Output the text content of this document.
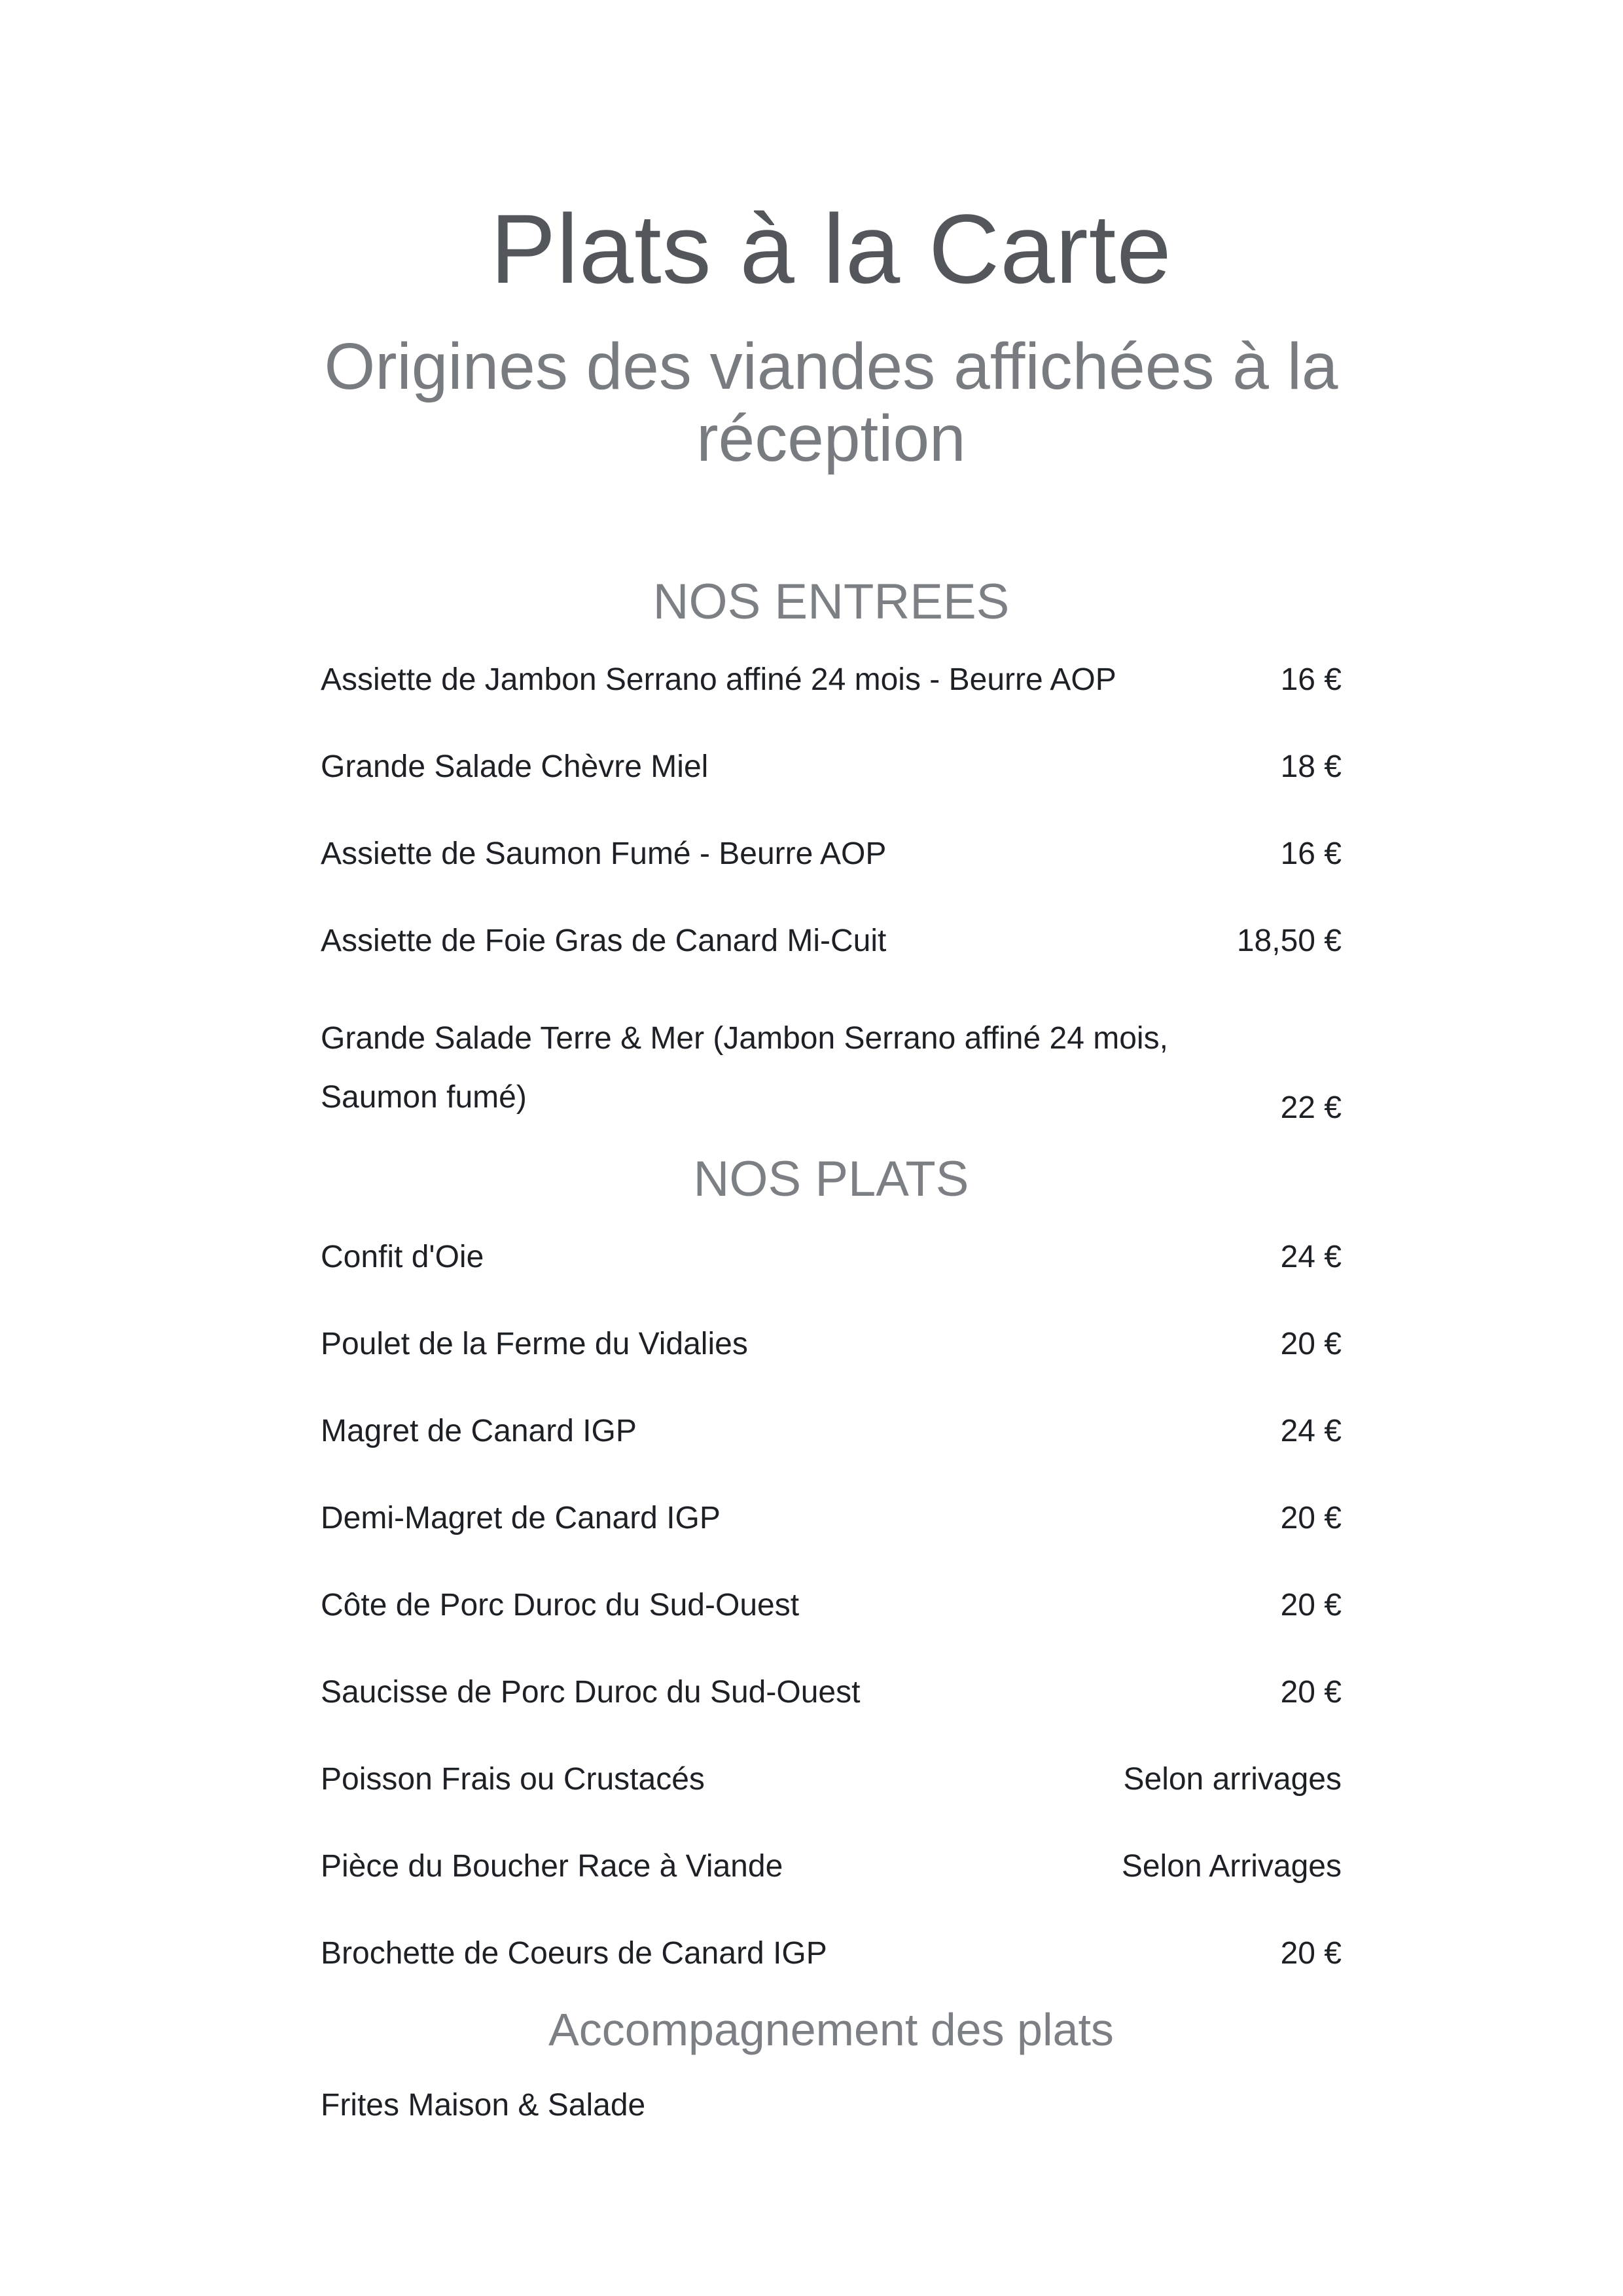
Plats à la Carte
Origines des viandes affichées à la réception
NOS ENTREES
Assiette de Jambon Serrano affiné 24 mois - Beurre AOP	16 €
Grande Salade Chèvre Miel	18 €
Assiette de Saumon Fumé - Beurre AOP	16 €
Assiette de Foie Gras de Canard Mi-Cuit	18,50 €
Grande Salade Terre & Mer (Jambon Serrano affiné 24 mois, Saumon fumé)	22 €
NOS PLATS
Confit d'Oie	24 €
Poulet de la Ferme du Vidalies	20 €
Magret de Canard IGP	24 €
Demi-Magret de Canard IGP	20 €
Côte de Porc Duroc du Sud-Ouest	20 €
Saucisse de Porc Duroc du Sud-Ouest	20 €
Poisson Frais ou Crustacés	Selon arrivages
Pièce du Boucher Race à Viande	Selon Arrivages
Brochette de Coeurs de Canard IGP	20 €
Accompagnement des plats
Frites Maison & Salade
